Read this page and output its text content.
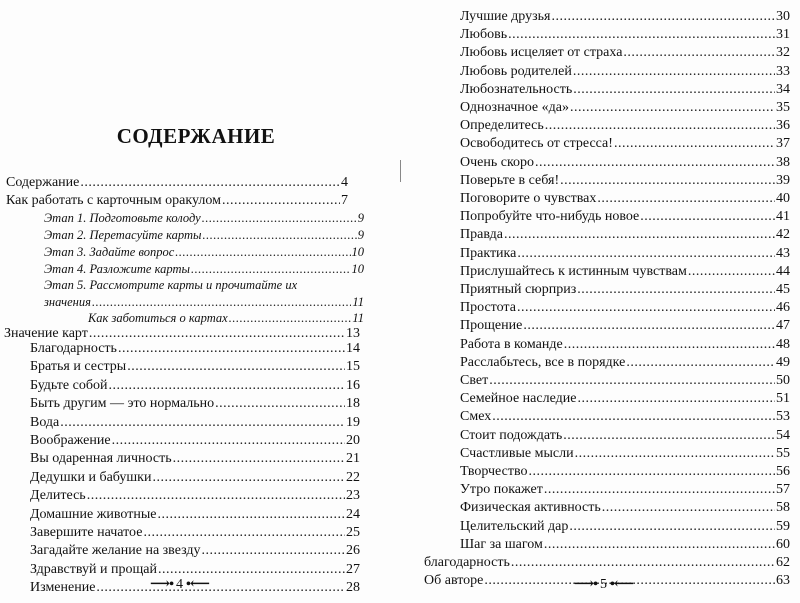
СОДЕРЖАНИЕ
Содержание .....	4
Как работать с карточным оракулом .....	7
Этап 1. Подготовьте колоду .....	9
Этап 2. Перетасуйте карты .....	9
Этап 3. Задайте вопрос .....	10
Этап 4. Разложите карты .....	10
Этап 5. Рассмотрите карты и прочитайте их
значения .....	11
Как заботиться о картах .....	11
Значение карт .....	13
Благодарность .....	14
Братья и сестры .....	15
Будьте собой .....	16
Быть другим — это нормально .....	18
Вода .....	19
Воображение .....	20
Вы одаренная личность .....	21
Дедушки и бабушки .....	22
Делитесь .....	23
Домашние животные .....	24
Завершите начатое .....	25
Загадайте желание на звезду .....	26
Здравствуй и прощай .....	27
Изменение .....	28
⟶• 4 •⟵
Лучшие друзья .....	30
Любовь .....	31
Любовь исцеляет от страха .....	32
Любовь родителей .....	33
Любознательность .....	34
Однозначное «да» .....	35
Определитесь .....	36
Освободитесь от стресса! .....	37
Очень скоро .....	38
Поверьте в себя! .....	39
Поговорите о чувствах .....	40
Попробуйте что-нибудь новое .....	41
Правда .....	42
Практика .....	43
Прислушайтесь к истинным чувствам .....	44
Приятный сюрприз .....	45
Простота .....	46
Прощение .....	47
Работа в команде .....	48
Расслабьтесь, все в порядке .....	49
Свет .....	50
Семейное наследие .....	51
Смех .....	53
Стоит подождать .....	54
Счастливые мысли .....	55
Творчество .....	56
Утро покажет .....	57
Физическая активность .....	58
Целительский дар .....	59
Шаг за шагом .....	60
благодарность .....	62
Об авторе .....	63
⟶• 5 •⟵
